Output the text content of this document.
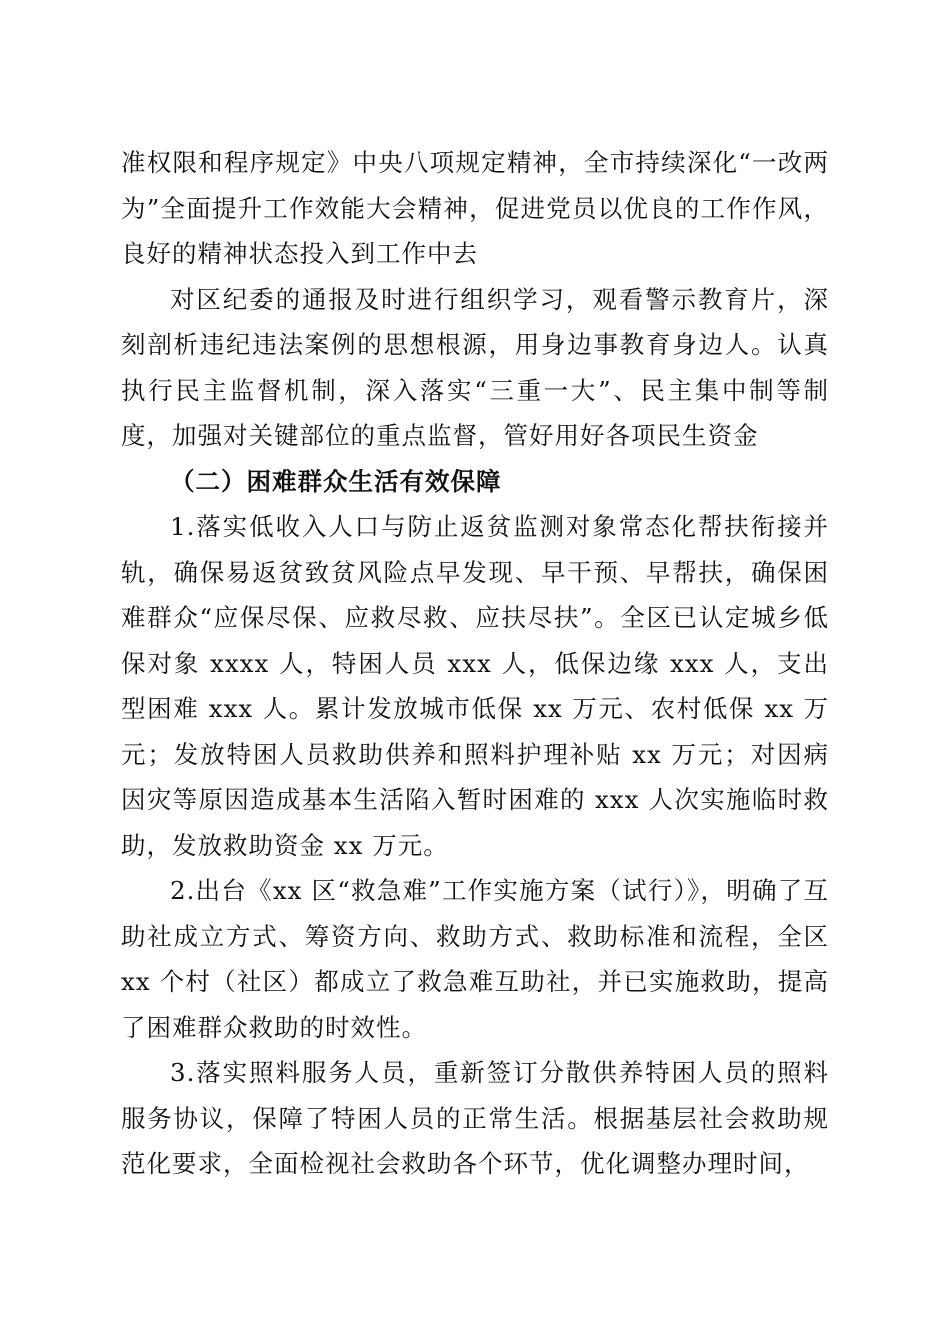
准权限和程序规定》中央八项规定精神，全市持续深化“一改两为”全面提升工作效能大会精神，促进党员以优良的工作作风，良好的精神状态投入到工作中去

对区纪委的通报及时进行组织学习，观看警示教育片，深刻剖析违纪违法案例的思想根源，用身边事教育身边人。认真执行民主监督机制，深入落实“三重一大”、民主集中制等制度，加强对关键部位的重点监督，管好用好各项民生资金

（二）困难群众生活有效保障

1.落实低收入人口与防止返贫监测对象常态化帮扶衔接并轨，确保易返贫致贫风险点早发现、早干预、早帮扶，确保困难群众“应保尽保、应救尽救、应扶尽扶”。全区已认定城乡低保对象 xxxx 人，特困人员 xxx 人，低保边缘 xxx 人，支出型困难 xxx 人。累计发放城市低保 xx 万元、农村低保 xx 万元；发放特困人员救助供养和照料护理补贴 xx 万元；对因病因灾等原因造成基本生活陷入暂时困难的 xxx 人次实施临时救助，发放救助资金 xx 万元。

2.出台《xx 区“救急难”工作实施方案（试行）》，明确了互助社成立方式、筹资方向、救助方式、救助标准和流程，全区 xx 个村（社区）都成立了救急难互助社，并已实施救助，提高了困难群众救助的时效性。

3.落实照料服务人员，重新签订分散供养特困人员的照料服务协议，保障了特困人员的正常生活。根据基层社会救助规范化要求，全面检视社会救助各个环节，优化调整办理时间，
